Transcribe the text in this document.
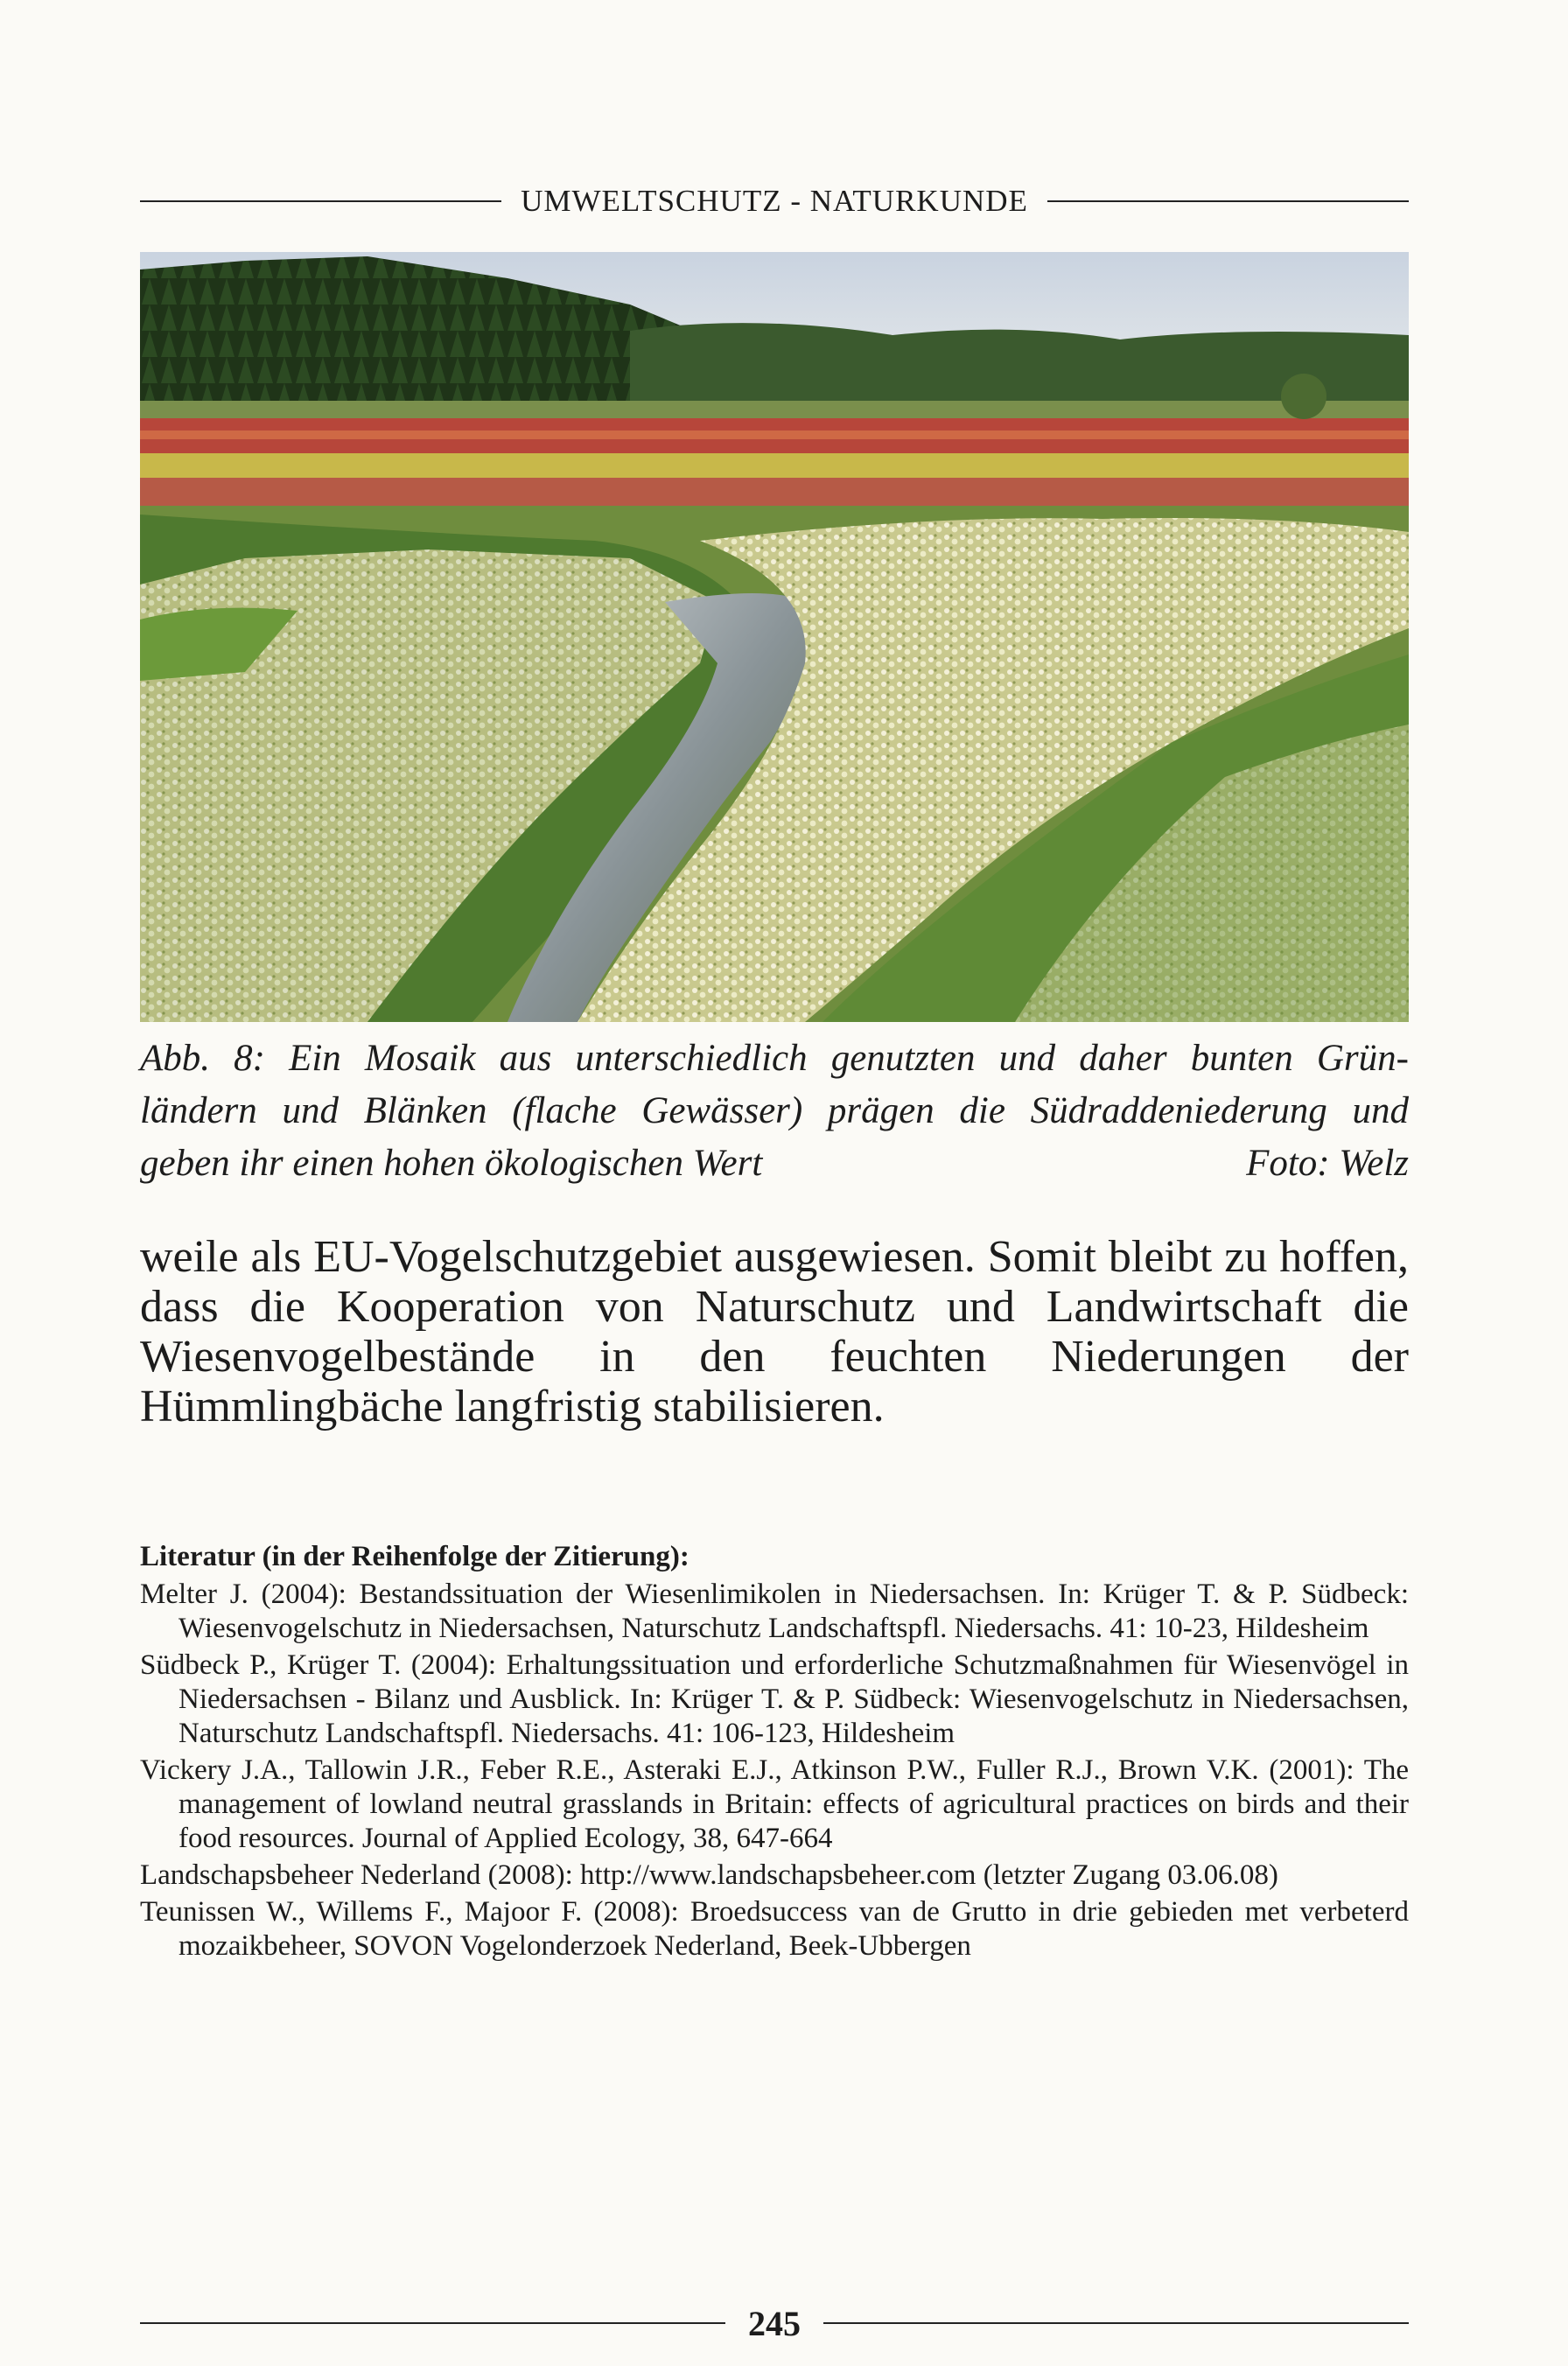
UMWELTSCHUTZ - NATURKUNDE
Abb. 8: Ein Mosaik aus unterschiedlich genutzten und daher bunten Grün-
ländern und Blänken (flache Gewässer) prägen die Südraddeniederung und
geben ihr einen hohen ökologischen Wert	Foto: Welz

weile als EU-Vogelschutzgebiet ausgewiesen. Somit bleibt zu hoffen, dass die Kooperation von Naturschutz und Landwirtschaft die Wiesenvogelbestände in den feuchten Niederungen der Hümmlingbäche langfristig stabilisieren.

Literatur (in der Reihenfolge der Zitierung):

Melter J. (2004): Bestandssituation der Wiesenlimikolen in Niedersachsen. In: Krüger T. & P. Südbeck: Wiesenvogelschutz in Niedersachsen, Naturschutz Landschaftspfl. Niedersachs. 41: 10-23, Hildesheim

Südbeck P., Krüger T. (2004): Erhaltungssituation und erforderliche Schutzmaßnahmen für Wiesenvögel in Niedersachsen - Bilanz und Ausblick. In: Krüger T. & P. Südbeck: Wiesenvogelschutz in Niedersachsen, Naturschutz Landschaftspfl. Niedersachs. 41: 106-123, Hildesheim

Vickery J.A., Tallowin J.R., Feber R.E., Asteraki E.J., Atkinson P.W., Fuller R.J., Brown V.K. (2001): The management of lowland neutral grasslands in Britain: effects of agricultural practices on birds and their food resources. Journal of Applied Ecology, 38, 647-664

Landschapsbeheer Nederland (2008): http://www.landschapsbeheer.com (letzter Zugang 03.06.08)

Teunissen W., Willems F., Majoor F. (2008): Broedsuccess van de Grutto in drie gebieden met verbeterd mozaikbeheer, SOVON Vogelonderzoek Nederland, Beek-Ubbergen

245
